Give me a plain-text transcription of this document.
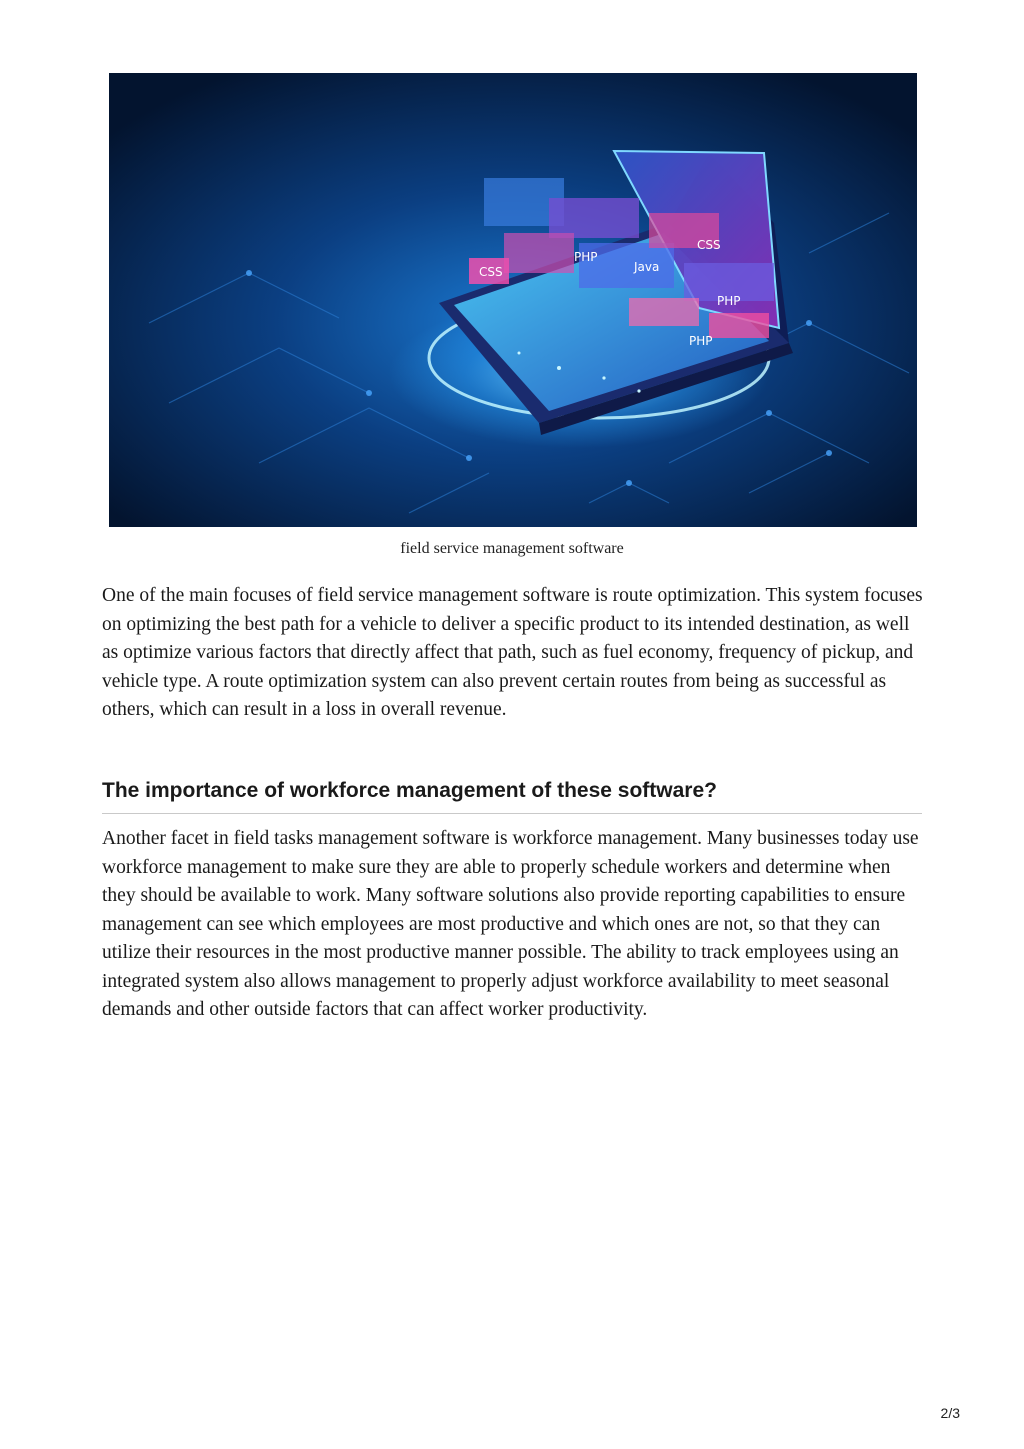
PHP
Java
PHP
PHP
CSS
CSS
field service management software

One of the main focuses of field service management software is route optimization. This system focuses on optimizing the best path for a vehicle to deliver a specific product to its intended destination, as well as optimize various factors that directly affect that path, such as fuel economy, frequency of pickup, and vehicle type. A route optimization system can also prevent certain routes from being as successful as others, which can result in a loss in overall revenue.

The importance of workforce management of these software?

Another facet in field tasks management software is workforce management. Many businesses today use workforce management to make sure they are able to properly schedule workers and determine when they should be available to work. Many software solutions also provide reporting capabilities to ensure management can see which employees are most productive and which ones are not, so that they can utilize their resources in the most productive manner possible. The ability to track employees using an integrated system also allows management to properly adjust workforce availability to meet seasonal demands and other outside factors that can affect worker productivity.

2/3
